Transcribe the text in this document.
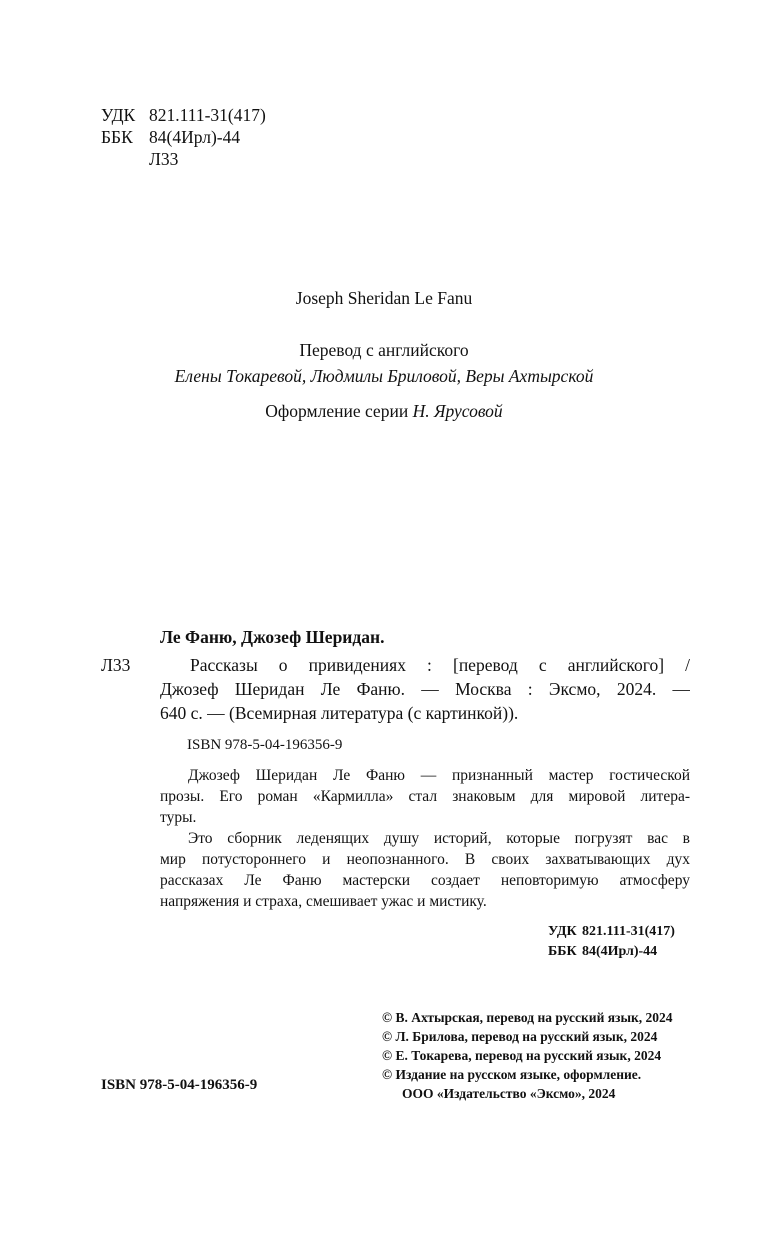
УДК 821.111-31(417)
ББК 84(4Ирл)-44
Л33
Joseph Sheridan Le Fanu
Перевод с английского
Елены Токаревой, Людмилы Бриловой, Веры Ахтырской
Оформление серии Н. Ярусовой
Ле Фаню, Джозеф Шеридан.
Л33	Рассказы о привидениях : [перевод с английского] /
Джозеф Шеридан Ле Фаню. — Москва : Эксмо, 2024. —
640 с. — (Всемирная литература (с картинкой)).
ISBN 978-5-04-196356-9
Джозеф Шеридан Ле Фаню — признанный мастер гостической
прозы. Его роман «Кармилла» стал знаковым для мировой литера-
туры.
Это сборник леденящих душу историй, которые погрузят вас в
мир потустороннего и неопознанного. В своих захватывающих дух
рассказах Ле Фаню мастерски создает неповторимую атмосферу
напряжения и страха, смешивает ужас и мистику.
УДК 821.111-31(417)
ББК 84(4Ирл)-44
© В. Ахтырская, перевод на русский язык, 2024
© Л. Брилова, перевод на русский язык, 2024
© Е. Токарева, перевод на русский язык, 2024
© Издание на русском языке, оформление.
ООО «Издательство «Эксмо», 2024
ISBN 978-5-04-196356-9
